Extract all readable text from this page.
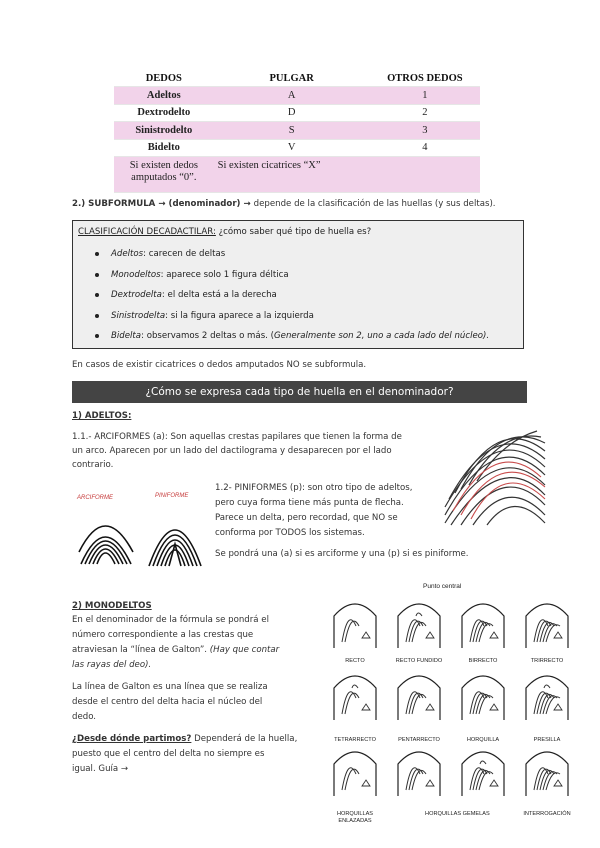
DEDOS	PULGAR	OTROS DEDOS
Adeltos	A	1
Dextrodelto	D	2
Sinistrodelto	S	3
Bidelto	V	4
Si existen dedos
amputados “0”.	Si existen cicatrices “X”	
2.) SUBFORMULA → (denominador) → depende de la clasificación de las huellas (y sus deltas).
CLASIFICACIÓN DECADACTILAR: ¿cómo saber qué tipo de huella es?
Adeltos: carecen de deltas
Monodeltos: aparece solo 1 figura déltica
Dextrodelta: el delta está a la derecha
Sinistrodelta: si la figura aparece a la izquierda
Bidelta: observamos 2 deltas o más. (Generalmente son 2, uno a cada lado del núcleo).
En casos de existir cicatrices o dedos amputados NO se subformula.
¿Cómo se expresa cada tipo de huella en el denominador?
1) ADELTOS:
1.1.- ARCIFORMES (a): Son aquellas crestas papilares que tienen la forma de
un arco. Aparecen por un lado del dactilograma y desaparecen por el lado
contrario.
ARCIFORME	PINIFORME
1.2- PINIFORMES (p): son otro tipo de adeltos,
pero cuya forma tiene más punta de flecha.
Parece un delta, pero recordad, que NO se
conforma por TODOS los sistemas.
Se pondrá una (a) si es arciforme y una (p) si es piniforme.
2) MONODELTOS
En el denominador de la fórmula se pondrá el
número correspondiente a las crestas que
atraviesan la “línea de Galton”. (Hay que contar
las rayas del deo).
La línea de Galton es una línea que se realiza
desde el centro del delta hacia el núcleo del
dedo.
¿Desde dónde partimos? Dependerá de la huella,
puesto que el centro del delta no siempre es
igual. Guía →
Punto central
RECTO	RECTO FUNDIDO	BIRRECTO	TRIRRECTO
TETRARRECTO	PENTARRECTO	HORQUILLA	PRESILLA
HORQUILLAS ENLAZADAS
HORQUILLAS GEMELAS	INTERROGACIÓN
